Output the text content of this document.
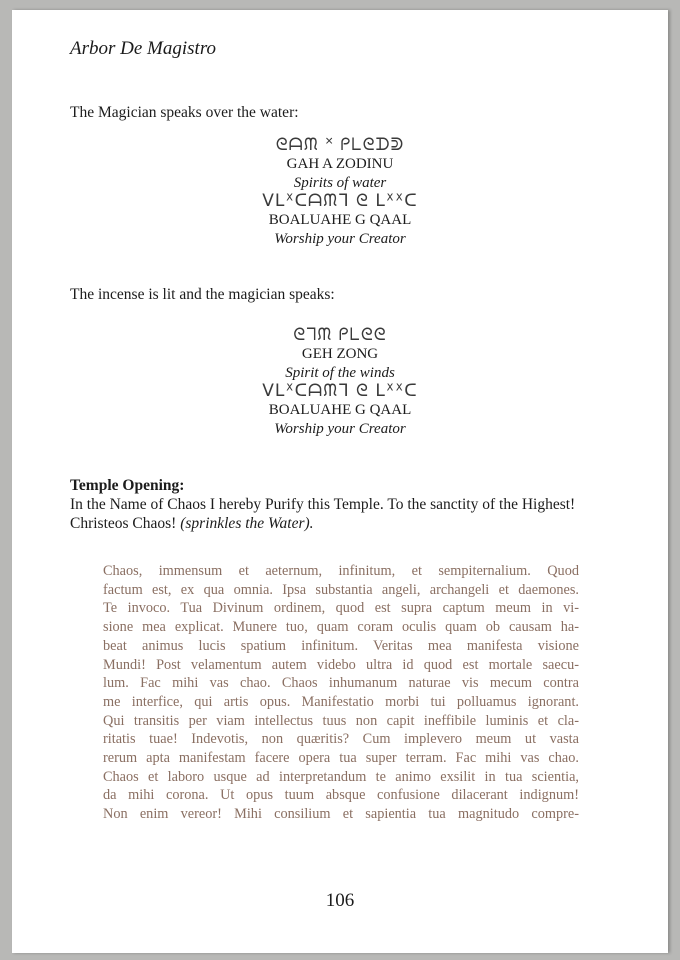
Arbor De Magistro
The Magician speaks over the water:
ᘓᗩᙏ ᕽ ᑭᒪᘓᗪᕲ
GAH A ZODINU
Spirits of water
ᐯᒪᕽᑕᗩᙏᒣ ᘓ ᒪᕽᕽᑕ
BOALUAHE G QAAL
Worship your Creator
The incense is lit and the magician speaks:
ᘓᒣᙏ ᑭᒪᘓᘓ
GEH ZONG
Spirit of the winds
ᐯᒪᕽᑕᗩᙏᒣ ᘓ ᒪᕽᕽᑕ
BOALUAHE G QAAL
Worship your Creator
Temple Opening:
In the Name of Chaos I hereby Purify this Temple. To the sanctity of the Highest!
Christeos Chaos! (sprinkles the Water).
Chaos, immensum et aeternum, infinitum, et sempiternalium. Quod
factum est, ex qua omnia. Ipsa substantia angeli, archangeli et daemones.
Te invoco. Tua Divinum ordinem, quod est supra captum meum in vi-
sione mea explicat. Munere tuo, quam coram oculis quam ob causam ha-
beat animus lucis spatium infinitum. Veritas mea manifesta visione
Mundi! Post velamentum autem videbo ultra id quod est mortale saecu-
lum. Fac mihi vas chao. Chaos inhumanum naturae vis mecum contra
me interfice, qui artis opus. Manifestatio morbi tui polluamus ignorant.
Qui transitis per viam intellectus tuus non capit ineffibile luminis et cla-
ritatis tuae! Indevotis, non quæritis? Cum implevero meum ut vasta
rerum apta manifestam facere opera tua super terram. Fac mihi vas chao.
Chaos et laboro usque ad interpretandum te animo exsilit in tua scientia,
da mihi corona. Ut opus tuum absque confusione dilacerant indignum!
Non enim vereor! Mihi consilium et sapientia tua magnitudo compre-
106
